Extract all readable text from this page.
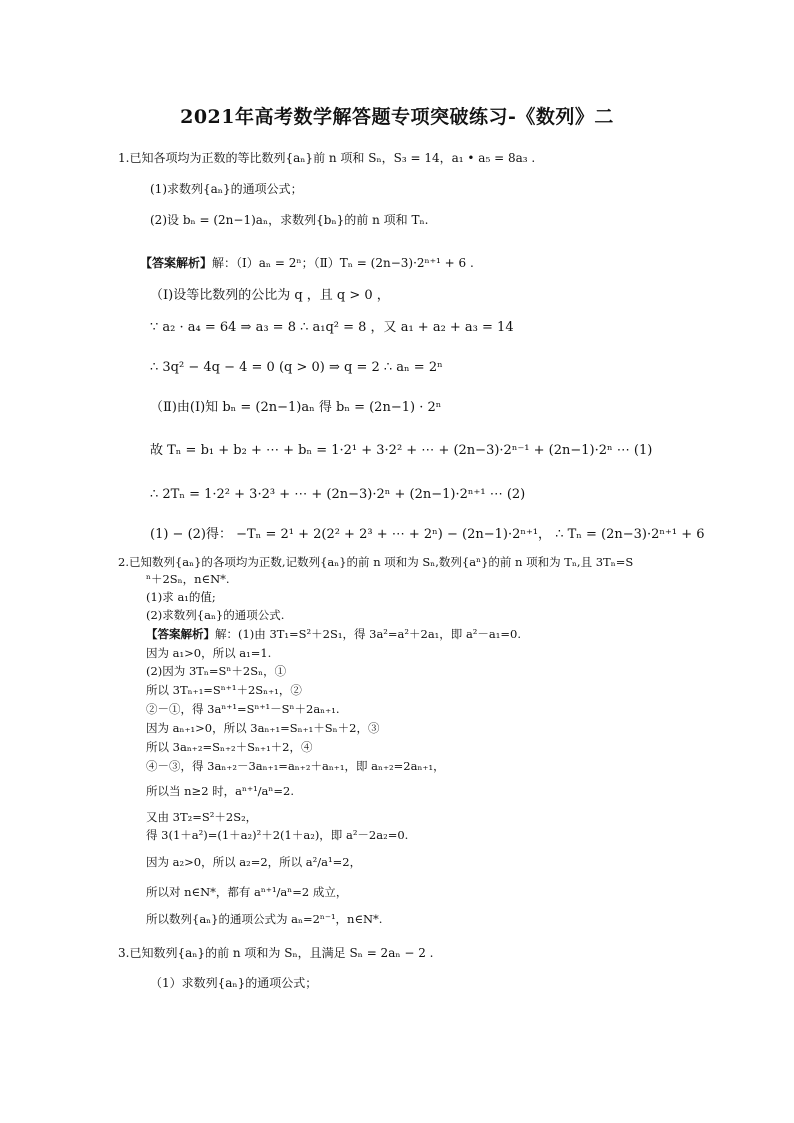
2021年高考数学解答题专项突破练习-《数列》二
1.已知各项均为正数的等比数列{aₙ}前 n 项和 Sₙ，S₃ = 14，a₁ • a₅ = 8a₃ .
(1)求数列{aₙ}的通项公式；
(2)设 bₙ = (2n−1)aₙ，求数列{bₙ}的前 n 项和 Tₙ.
【答案解析】解：（Ⅰ）aₙ = 2ⁿ；（Ⅱ）Tₙ = (2n−3)·2ⁿ⁺¹ + 6 .
（Ⅰ)设等比数列的公比为 q ，且 q > 0 ，
∵ a₂ · a₄ = 64 ⇒ a₃ = 8 ∴ a₁q² = 8 ，又 a₁ + a₂ + a₃ = 14
∴ 3q² − 4q − 4 = 0 (q > 0) ⇒ q = 2 ∴ aₙ = 2ⁿ
（Ⅱ)由(Ⅰ)知 bₙ = (2n−1)aₙ 得 bₙ = (2n−1) · 2ⁿ
故 Tₙ = b₁ + b₂ + ⋯ + bₙ = 1·2¹ + 3·2² + ⋯ + (2n−3)·2ⁿ⁻¹ + (2n−1)·2ⁿ ⋯ (1)
∴ 2Tₙ = 1·2² + 3·2³ + ⋯ + (2n−3)·2ⁿ + (2n−1)·2ⁿ⁺¹ ⋯ (2)
(1) − (2)得： −Tₙ = 2¹ + 2(2² + 2³ + ⋯ + 2ⁿ) − (2n−1)·2ⁿ⁺¹， ∴ Tₙ = (2n−3)·2ⁿ⁺¹ + 6
2.已知数列{aₙ}的各项均为正数,记数列{aₙ}的前 n 项和为 Sₙ,数列{aⁿ}的前 n 项和为 Tₙ,且 3Tₙ=S
ⁿ＋2Sₙ，n∈N*.
(1)求 a₁的值;
(2)求数列{aₙ}的通项公式.
【答案解析】解：(1)由 3T₁=S²＋2S₁，得 3a²=a²＋2a₁，即 a²－a₁=0.
因为 a₁>0，所以 a₁=1.
(2)因为 3Tₙ=Sⁿ＋2Sₙ，①
所以 3Tₙ₊₁=Sⁿ⁺¹＋2Sₙ₊₁，②
②－①，得 3aⁿ⁺¹=Sⁿ⁺¹－Sⁿ＋2aₙ₊₁.
因为 aₙ₊₁>0，所以 3aₙ₊₁=Sₙ₊₁＋Sₙ＋2，③
所以 3aₙ₊₂=Sₙ₊₂＋Sₙ₊₁＋2，④
④－③，得 3aₙ₊₂－3aₙ₊₁=aₙ₊₂＋aₙ₊₁，即 aₙ₊₂=2aₙ₊₁，
所以当 n≥2 时，aⁿ⁺¹/aⁿ=2.
又由 3T₂=S²＋2S₂，
得 3(1＋a²)=(1＋a₂)²＋2(1＋a₂)，即 a²－2a₂=0.
因为 a₂>0，所以 a₂=2，所以 a²/a¹=2，
所以对 n∈N*，都有 aⁿ⁺¹/aⁿ=2 成立，
所以数列{aₙ}的通项公式为 aₙ=2ⁿ⁻¹，n∈N*.
3.已知数列{aₙ}的前 n 项和为 Sₙ，且满足 Sₙ = 2aₙ − 2 .
（1）求数列{aₙ}的通项公式；
